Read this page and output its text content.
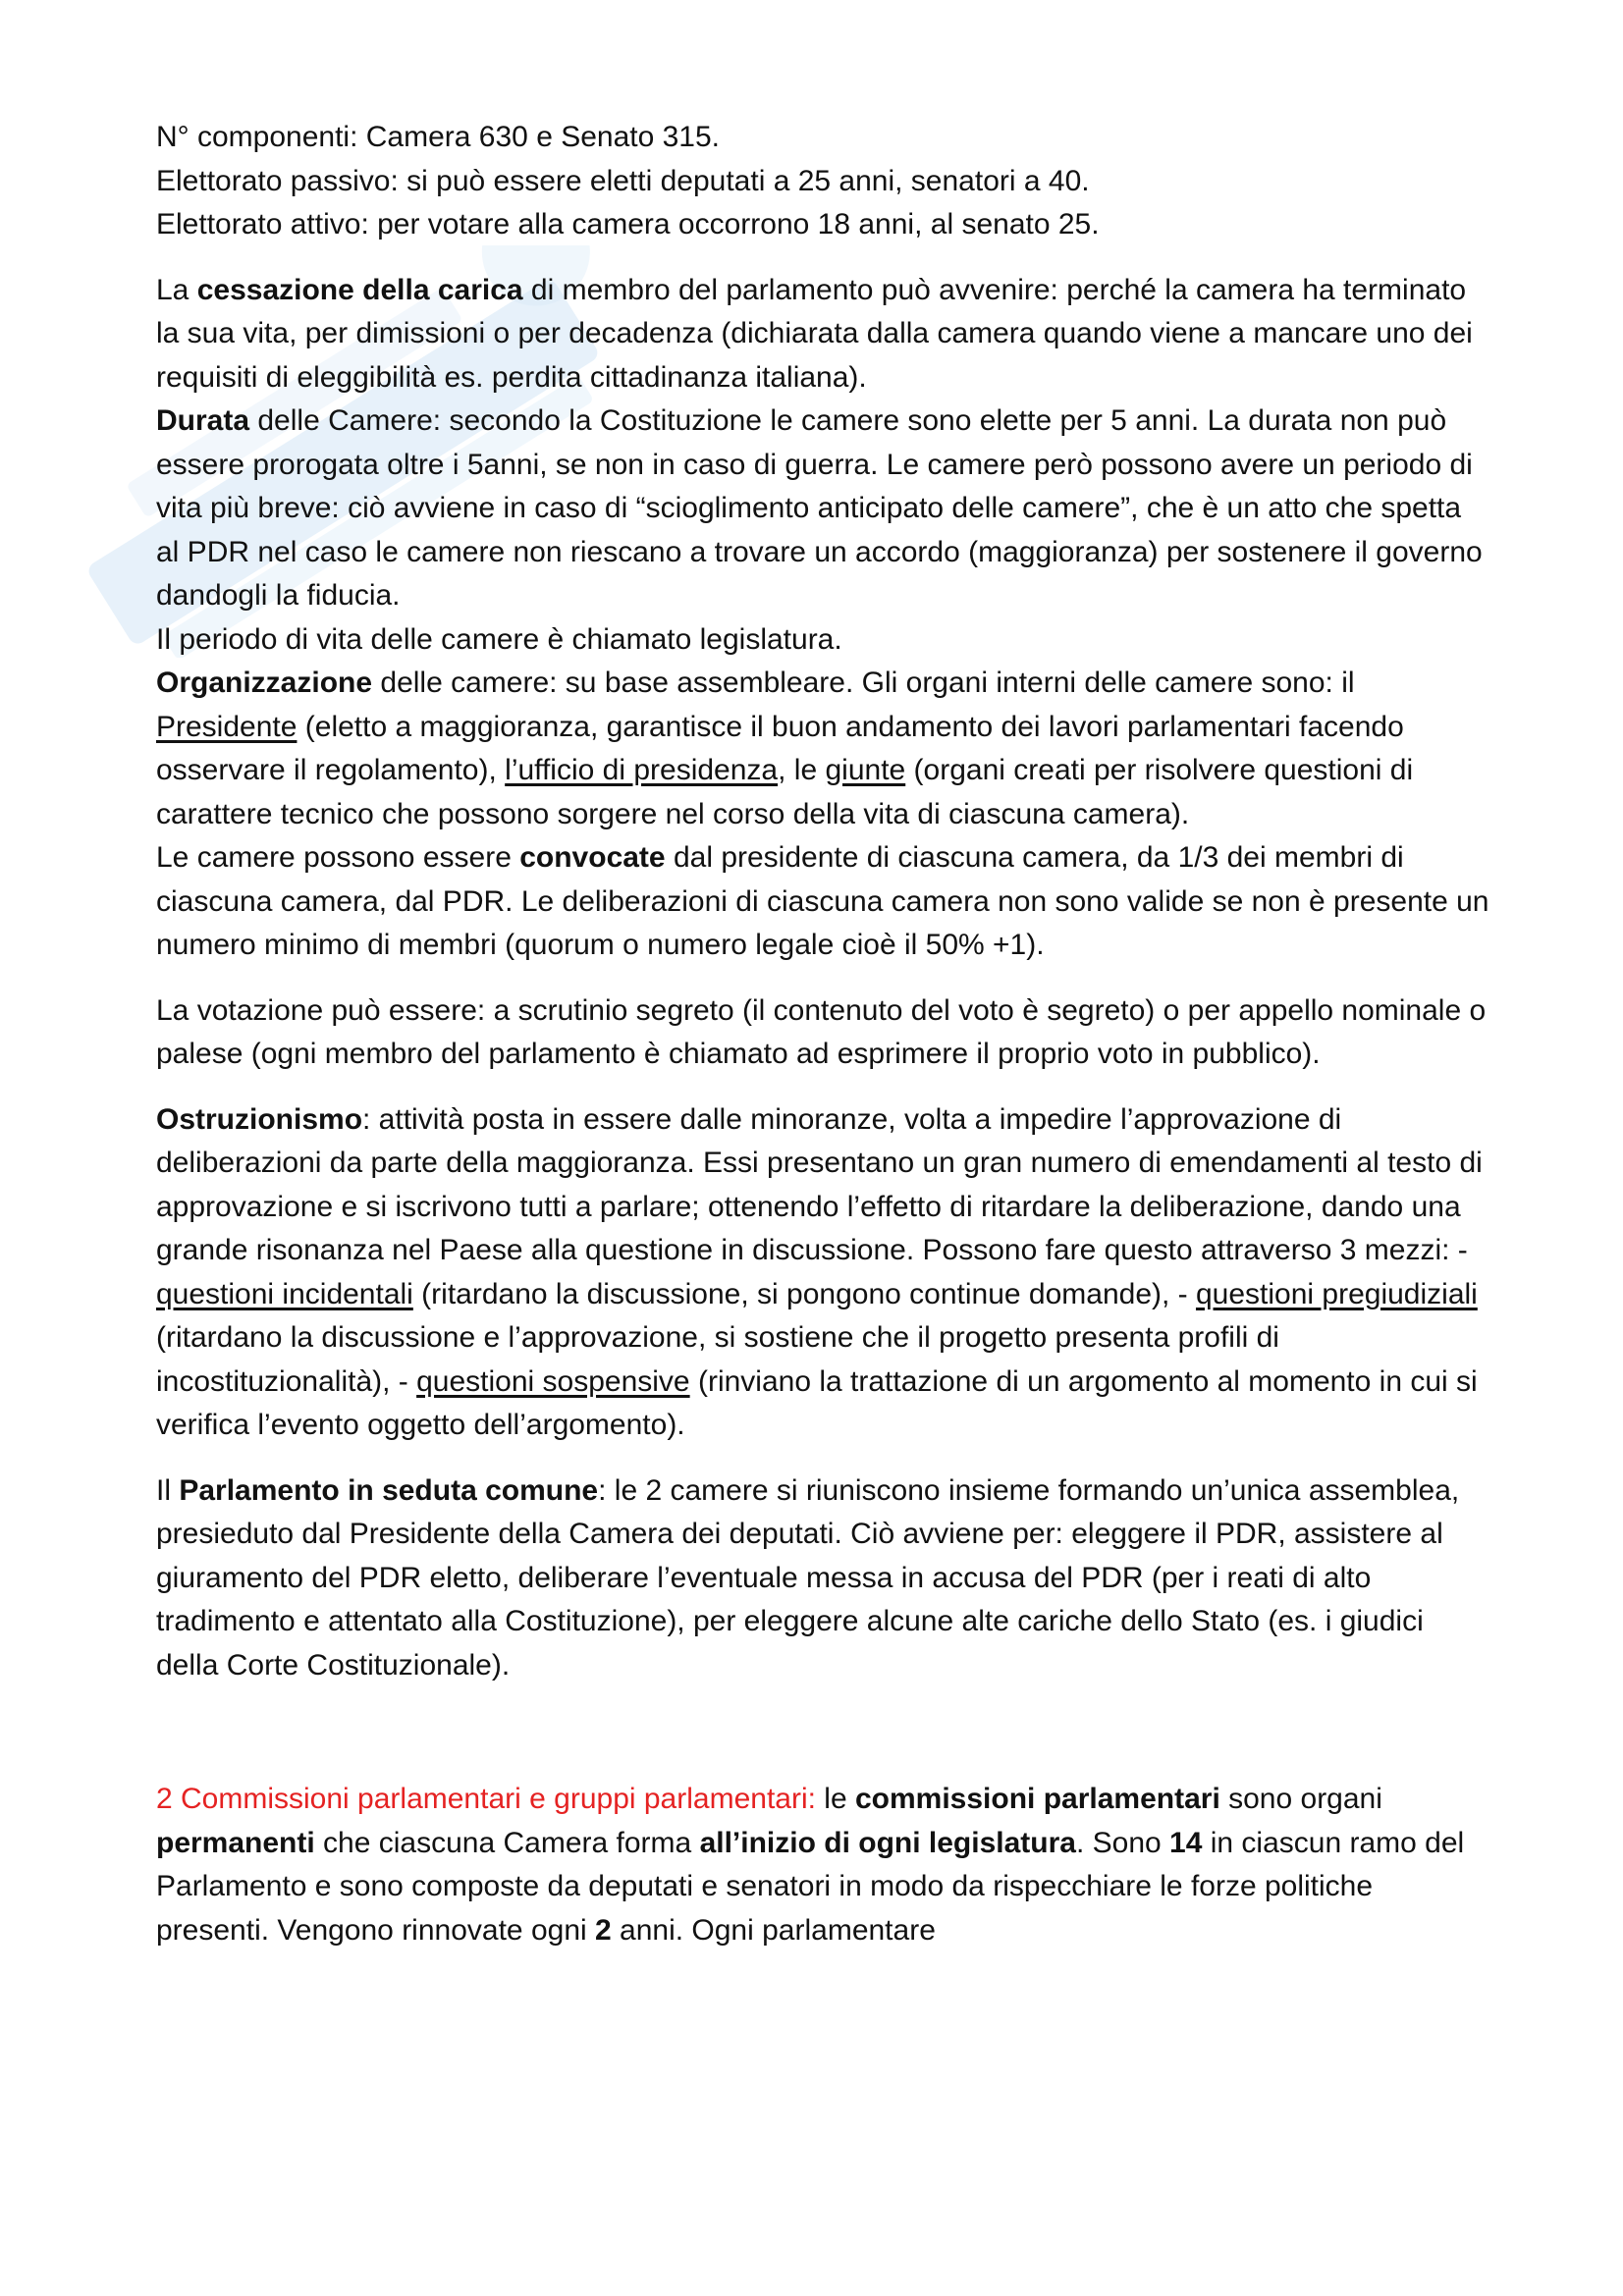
N° componenti: Camera 630 e Senato 315.
Elettorato passivo: si può essere eletti deputati a 25 anni, senatori a 40.
Elettorato attivo: per votare alla camera occorrono 18 anni, al senato 25.

La cessazione della carica di membro del parlamento può avvenire: perché la camera ha terminato la sua vita, per dimissioni o per decadenza (dichiarata dalla camera quando viene a mancare uno dei requisiti di eleggibilità es. perdita cittadinanza italiana).

Durata delle Camere: secondo la Costituzione le camere sono elette per 5 anni. La durata non può essere prorogata oltre i 5anni, se non in caso di guerra. Le camere però possono avere un periodo di vita più breve: ciò avviene in caso di “scioglimento anticipato delle camere”, che è un atto che spetta al PDR nel caso le camere non riescano a trovare un accordo (maggioranza) per sostenere il governo dandogli la fiducia.

Il periodo di vita delle camere è chiamato legislatura.

Organizzazione delle camere: su base assembleare. Gli organi interni delle camere sono: il Presidente (eletto a maggioranza, garantisce il buon andamento dei lavori parlamentari facendo osservare il regolamento), l’ufficio di presidenza, le giunte (organi creati per risolvere questioni di carattere tecnico che possono sorgere nel corso della vita di ciascuna camera).

Le camere possono essere convocate dal presidente di ciascuna camera, da 1/3 dei membri di ciascuna camera, dal PDR. Le deliberazioni di ciascuna camera non sono valide se non è presente un numero minimo di membri (quorum o numero legale cioè il 50% +1).

La votazione può essere: a scrutinio segreto (il contenuto del voto è segreto) o per appello nominale o palese (ogni membro del parlamento è chiamato ad esprimere il proprio voto in pubblico).

Ostruzionismo: attività posta in essere dalle minoranze, volta a impedire l’approvazione di deliberazioni da parte della maggioranza. Essi presentano un gran numero di emendamenti al testo di approvazione e si iscrivono tutti a parlare; ottenendo l’effetto di ritardare la deliberazione, dando una grande risonanza nel Paese alla questione in discussione. Possono fare questo attraverso 3 mezzi: - questioni incidentali (ritardano la discussione, si pongono continue domande), - questioni pregiudiziali (ritardano la discussione e l’approvazione, si sostiene che il progetto presenta profili di incostituzionalità), - questioni sospensive (rinviano la trattazione di un argomento al momento in cui si verifica l’evento oggetto dell’argomento).

Il Parlamento in seduta comune: le 2 camere si riuniscono insieme formando un’unica assemblea, presieduto dal Presidente della Camera dei deputati. Ciò avviene per: eleggere il PDR, assistere al giuramento del PDR eletto, deliberare l’eventuale messa in accusa del PDR (per i reati di alto tradimento e attentato alla Costituzione), per eleggere alcune alte cariche dello Stato (es. i giudici della Corte Costituzionale).

2 Commissioni parlamentari e gruppi parlamentari: le commissioni parlamentari sono organi permanenti che ciascuna Camera forma all’inizio di ogni legislatura. Sono 14 in ciascun ramo del Parlamento e sono composte da deputati e senatori in modo da rispecchiare le forze politiche presenti. Vengono rinnovate ogni 2 anni. Ogni parlamentare
